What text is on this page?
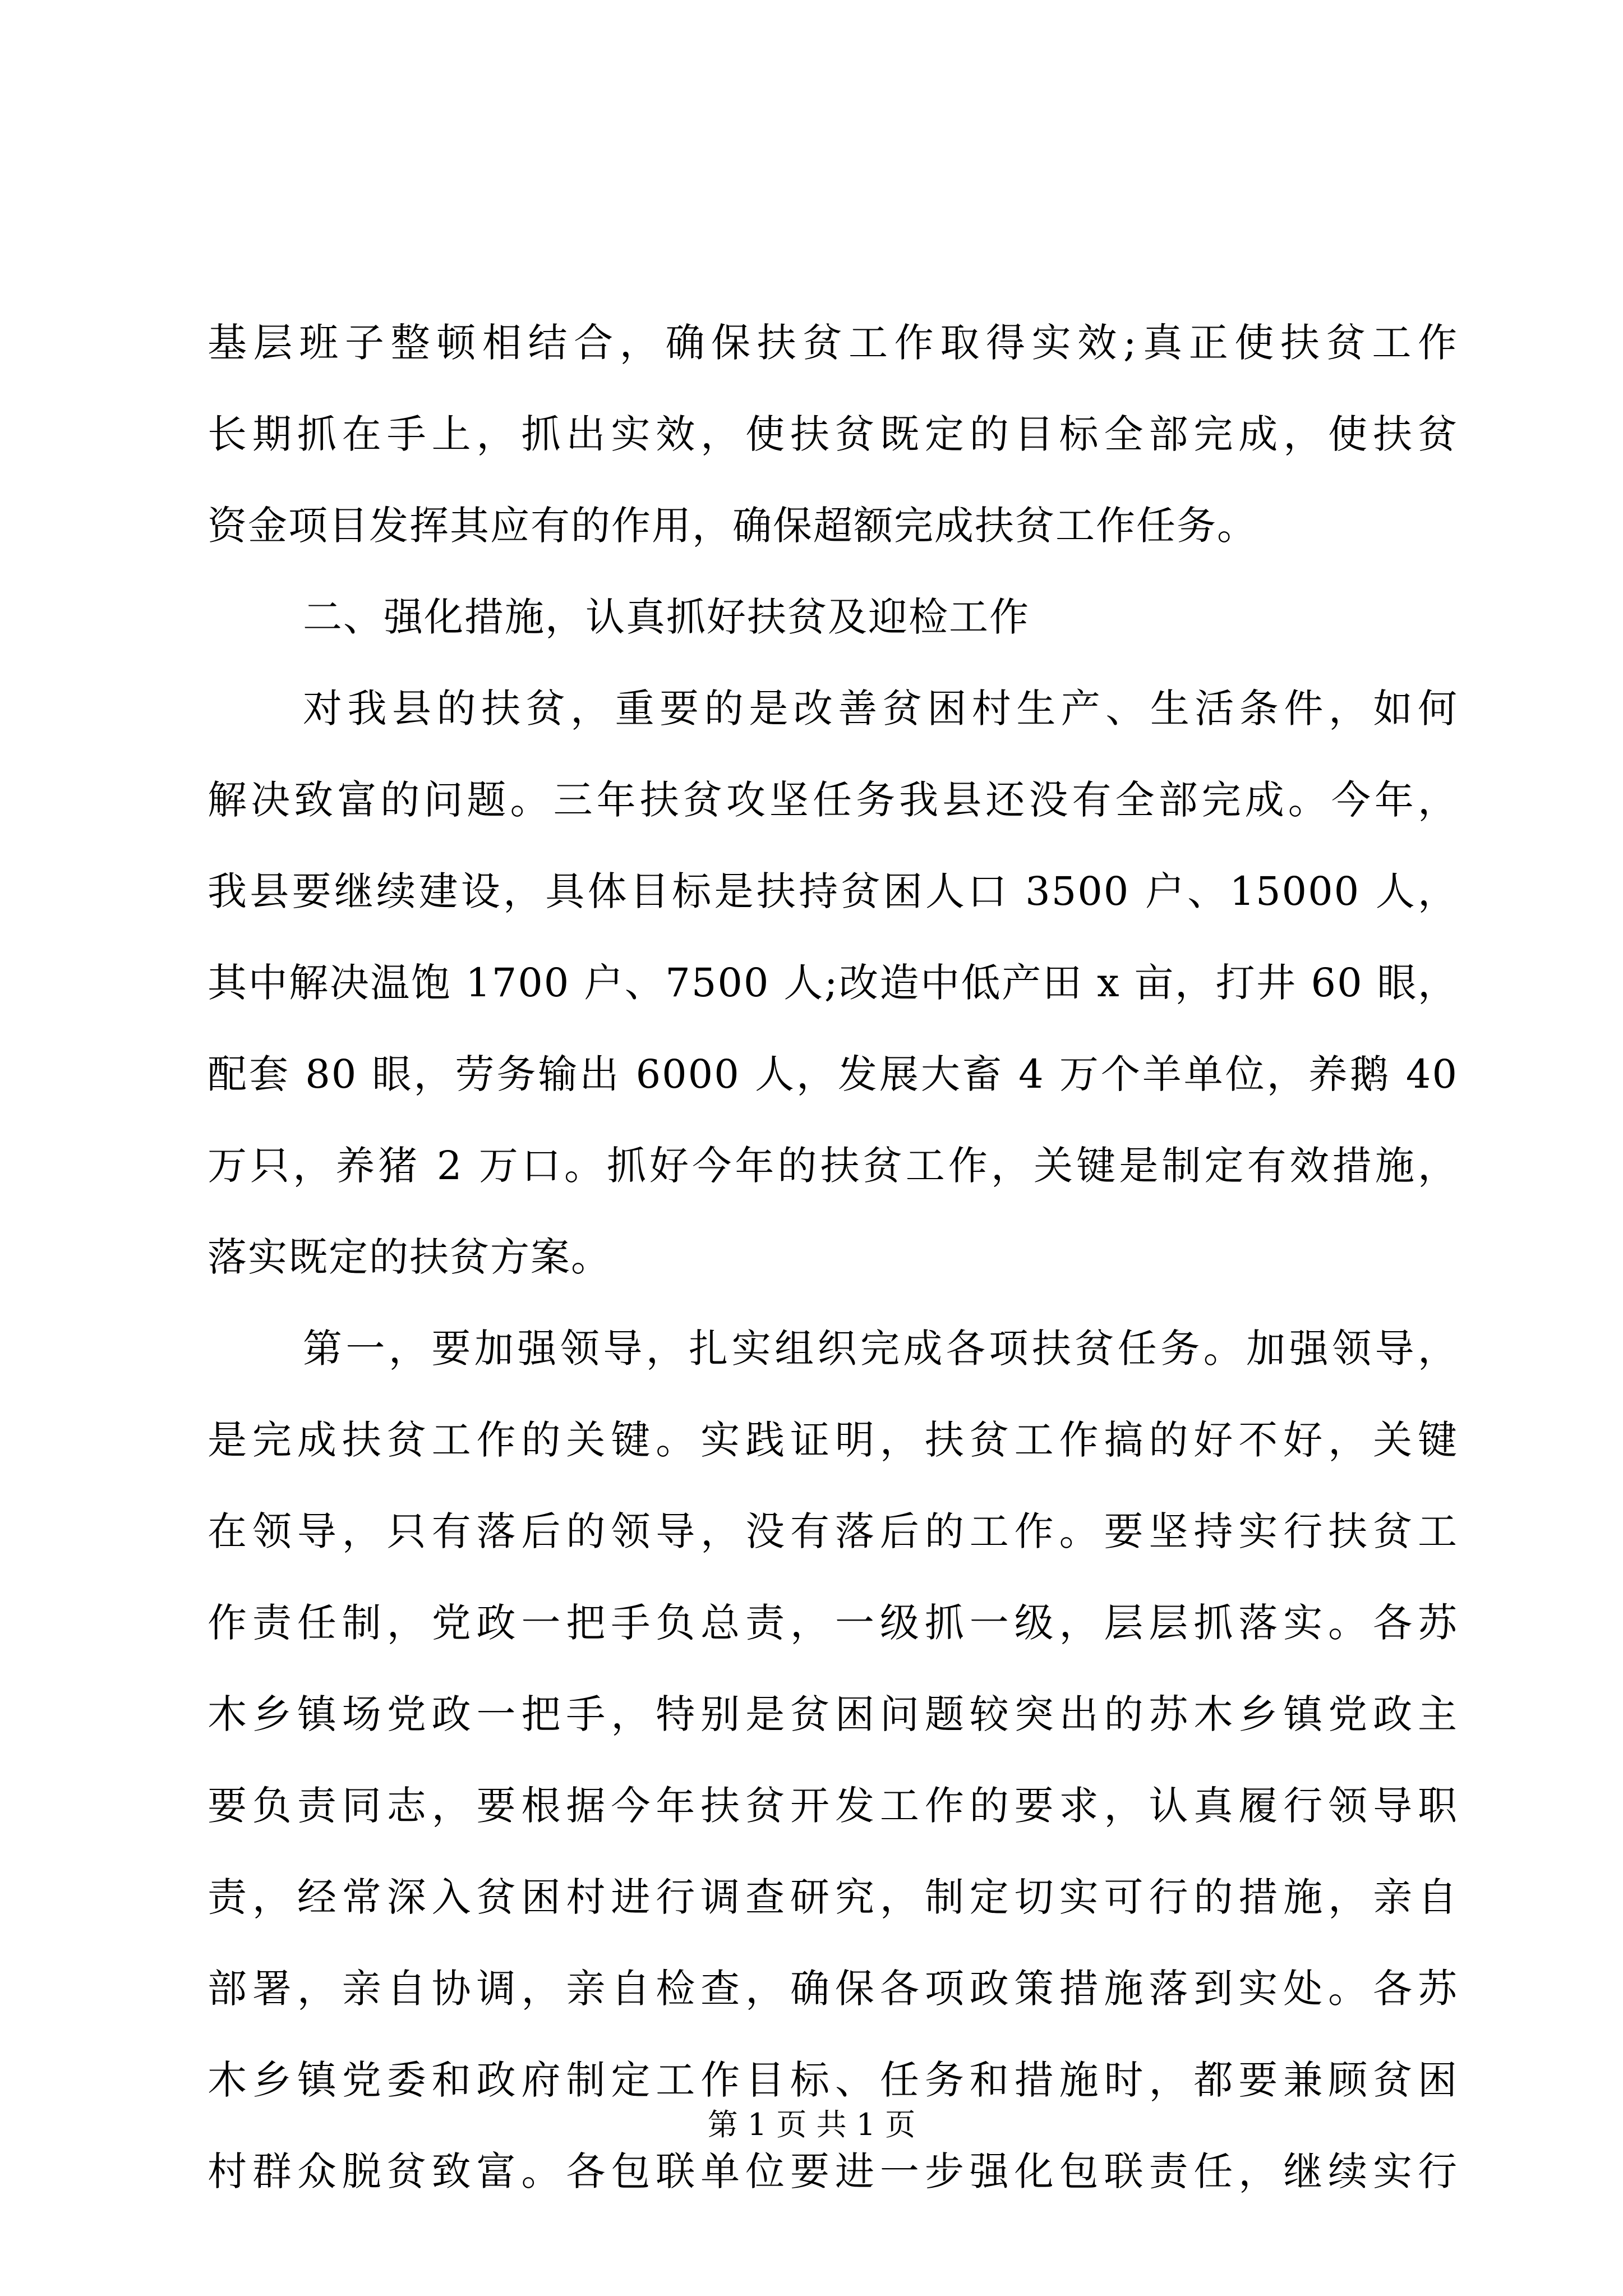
基层班子整顿相结合，确保扶贫工作取得实效;真正使扶贫工作
长期抓在手上，抓出实效，使扶贫既定的目标全部完成，使扶贫
资金项目发挥其应有的作用，确保超额完成扶贫工作任务。
二、强化措施，认真抓好扶贫及迎检工作
对我县的扶贫，重要的是改善贫困村生产、生活条件，如何
解决致富的问题。三年扶贫攻坚任务我县还没有全部完成。今年，
我县要继续建设，具体目标是扶持贫困人口 3500 户、15000 人，
其中解决温饱 1700 户、7500 人;改造中低产田 x 亩，打井 60 眼，
配套 80 眼，劳务输出 6000 人，发展大畜 4 万个羊单位，养鹅 40
万只，养猪 2 万口。抓好今年的扶贫工作，关键是制定有效措施，
落实既定的扶贫方案。
第一，要加强领导，扎实组织完成各项扶贫任务。加强领导，
是完成扶贫工作的关键。实践证明，扶贫工作搞的好不好，关键
在领导，只有落后的领导，没有落后的工作。要坚持实行扶贫工
作责任制，党政一把手负总责，一级抓一级，层层抓落实。各苏
木乡镇场党政一把手，特别是贫困问题较突出的苏木乡镇党政主
要负责同志，要根据今年扶贫开发工作的要求，认真履行领导职
责，经常深入贫困村进行调查研究，制定切实可行的措施，亲自
部署，亲自协调，亲自检查，确保各项政策措施落到实处。各苏
木乡镇党委和政府制定工作目标、任务和措施时，都要兼顾贫困
村群众脱贫致富。各包联单位要进一步强化包联责任，继续实行
第 1 页 共 1 页
